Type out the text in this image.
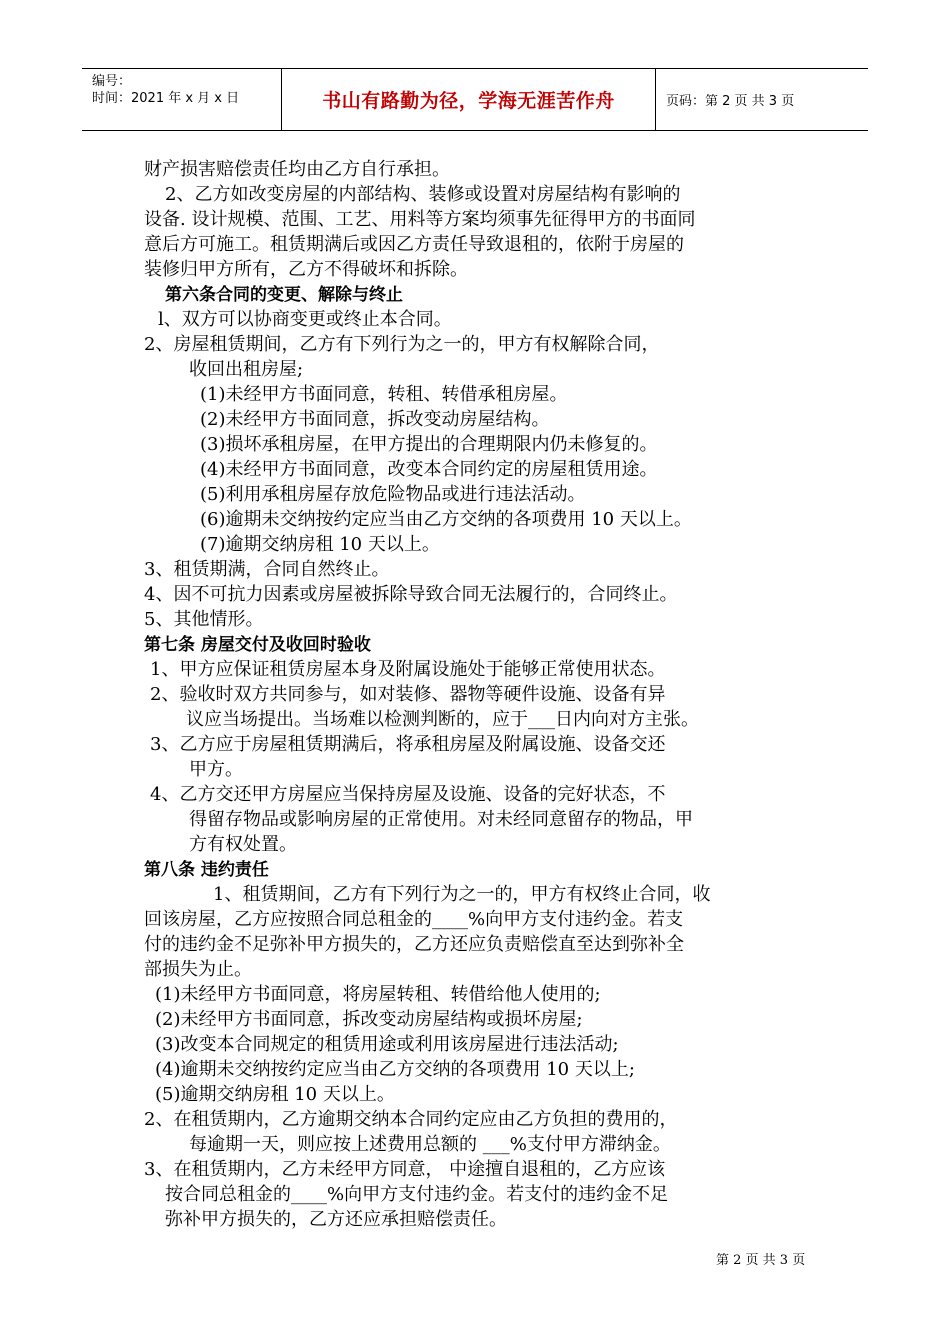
编号：
时间：2021 年 x 月 x 日	书山有路勤为径，学海无涯苦作舟	页码：第 2 页 共 3 页
财产损害赔偿责任均由乙方自行承担。
2、乙方如改变房屋的内部结构、装修或设置对房屋结构有影响的
设备. 设计规模、范围、工艺、用料等方案均须事先征得甲方的书面同
意后方可施工。租赁期满后或因乙方责任导致退租的，依附于房屋的
装修归甲方所有，乙方不得破坏和拆除。
第六条合同的变更、解除与终止
l、双方可以协商变更或终止本合同。
2、房屋租赁期间，乙方有下列行为之一的，甲方有权解除合同，
收回出租房屋;
(1)未经甲方书面同意，转租、转借承租房屋。
(2)未经甲方书面同意，拆改变动房屋结构。
(3)损坏承租房屋，在甲方提出的合理期限内仍未修复的。
(4)未经甲方书面同意，改变本合同约定的房屋租赁用途。
(5)利用承租房屋存放危险物品或进行违法活动。
(6)逾期未交纳按约定应当由乙方交纳的各项费用 10 天以上。
(7)逾期交纳房租 10 天以上。
3、租赁期满，合同自然终止。
4、因不可抗力因素或房屋被拆除导致合同无法履行的，合同终止。
5、其他情形。
第七条 房屋交付及收回时验收
1、甲方应保证租赁房屋本身及附属设施处于能够正常使用状态。
2、验收时双方共同参与，如对装修、器物等硬件设施、设备有异
议应当场提出。当场难以检测判断的，应于___日内向对方主张。
3、乙方应于房屋租赁期满后，将承租房屋及附属设施、设备交还
甲方。
4、乙方交还甲方房屋应当保持房屋及设施、设备的完好状态，不
得留存物品或影响房屋的正常使用。对未经同意留存的物品，甲
方有权处置。
第八条 违约责任
1、租赁期间，乙方有下列行为之一的，甲方有权终止合同，收
回该房屋，乙方应按照合同总租金的____%向甲方支付违约金。若支
付的违约金不足弥补甲方损失的，乙方还应负责赔偿直至达到弥补全
部损失为止。
(1)未经甲方书面同意，将房屋转租、转借给他人使用的;
(2)未经甲方书面同意，拆改变动房屋结构或损坏房屋;
(3)改变本合同规定的租赁用途或利用该房屋进行违法活动;
(4)逾期未交纳按约定应当由乙方交纳的各项费用 10 天以上;
(5)逾期交纳房租 10 天以上。
2、在租赁期内，乙方逾期交纳本合同约定应由乙方负担的费用的，
每逾期一天，则应按上述费用总额的 ___%支付甲方滞纳金。
3、在租赁期内，乙方未经甲方同意， 中途擅自退租的，乙方应该
按合同总租金的____%向甲方支付违约金。若支付的违约金不足
弥补甲方损失的，乙方还应承担赔偿责任。
第 2 页 共 3 页
